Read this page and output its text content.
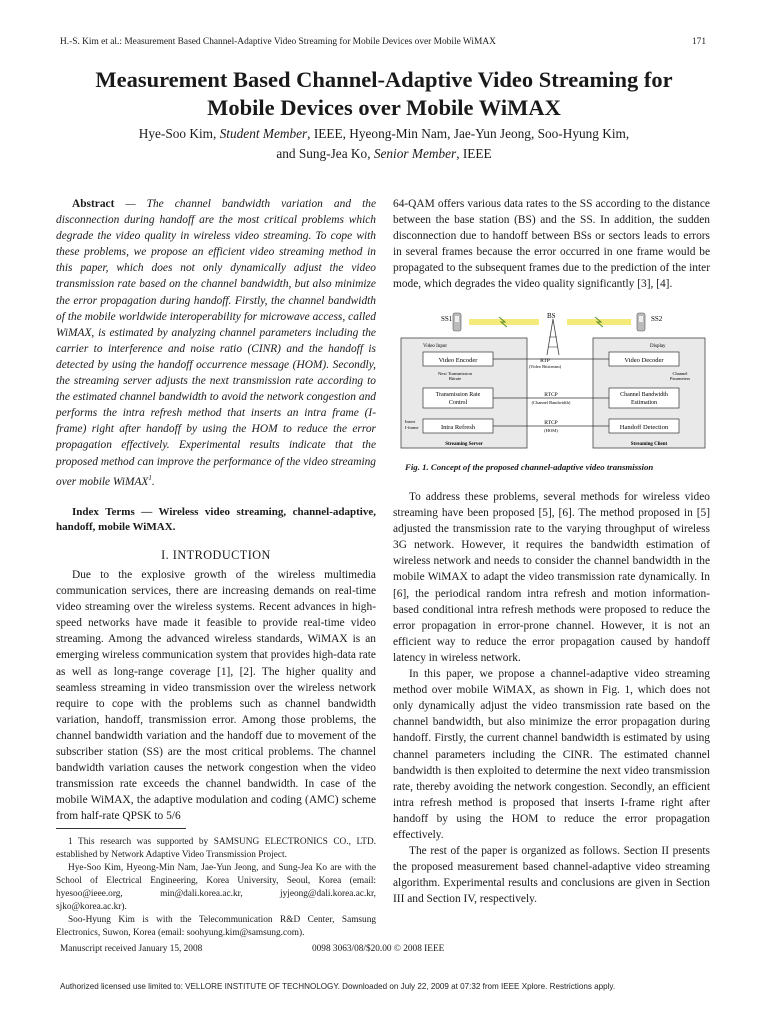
H.-S. Kim et al.: Measurement Based Channel-Adaptive Video Streaming for Mobile Devices over Mobile WiMAX	171
Measurement Based Channel-Adaptive Video Streaming for
Mobile Devices over Mobile WiMAX
Hye-Soo Kim, Student Member, IEEE, Hyeong-Min Nam, Jae-Yun Jeong, Soo-Hyung Kim,
and Sung-Jea Ko, Senior Member, IEEE

Abstract — The channel bandwidth variation and the disconnection during handoff are the most critical problems which degrade the video quality in wireless video streaming. To cope with these problems, we propose an efficient video streaming method in this paper, which does not only dynamically adjust the video transmission rate based on the channel bandwidth, but also minimize the error propagation during handoff. Firstly, the channel bandwidth of the mobile worldwide interoperability for microwave access, called WiMAX, is estimated by analyzing channel parameters including the carrier to interference and noise ratio (CINR) and the handoff is detected by using the handoff occurrence message (HOM). Secondly, the streaming server adjusts the next transmission rate according to the estimated channel bandwidth to avoid the network congestion and performs the intra refresh method that inserts an intra frame (I-frame) right after handoff by using the HOM to reduce the error propagation effectively. Experimental results indicate that the proposed method can improve the performance of the video streaming over mobile WiMAX$^1$.

Index Terms — Wireless video streaming, channel-adaptive, handoff, mobile WiMAX.

I. INTRODUCTION

Due to the explosive growth of the wireless multimedia communication services, there are increasing demands on real-time video streaming over the wireless systems. Recent advances in high-speed networks have made it feasible to provide real-time video streaming. Among the advanced wireless standards, WiMAX is an emerging wireless communication system that provides high-data rate as well as long-range coverage [1], [2]. The higher quality and seamless streaming in video transmission over the wireless network require to cope with the problems such as channel bandwidth variation, handoff, transmission error. Among those problems, the channel bandwidth variation and the handoff due to movement of the subscriber station (SS) are the most critical problems. The channel bandwidth variation causes the network congestion when the video transmission rate exceeds the channel bandwidth. In case of the mobile WiMAX, the adaptive modulation and coding (AMC) scheme from half-rate QPSK to 5/6

1 This research was supported by SAMSUNG ELECTRONICS CO., LTD. established by Network Adaptive Video Transmission Project.

Hye-Soo Kim, Hyeong-Min Nam, Jae-Yun Jeong, and Sung-Jea Ko are with the School of Electrical Engineering, Korea University, Seoul, Korea (email: hyesoo@ieee.org, min@dali.korea.ac.kr, jyjeong@dali.korea.ac.kr, sjko@korea.ac.kr).

Soo-Hyung Kim is with the Telecommunication R&D Center, Samsung Electronics, Suwon, Korea (email: soohyung.kim@samsung.com).

Manuscript received January 15, 2008	0098 3063/08/$20.00 © 2008 IEEE
Authorized licensed use limited to: VELLORE INSTITUTE OF TECHNOLOGY. Downloaded on July 22, 2009 at 07:32 from IEEE Xplore. Restrictions apply.

64-QAM offers various data rates to the SS according to the distance between the base station (BS) and the SS. In addition, the sudden disconnection due to handoff between BSs or sectors leads to errors in several frames because the error occurred in one frame would be propagated to the subsequent frames due to the prediction of the inter mode, which degrades the video quality significantly [3], [4].

SS1	SS2
BS
Video Input	Display
Video Encoder	Video Decoder
RTP
(Video Bitstream)
Next Transmission
Bitrate
Channel
Parameters
Transmission Rate
Control
Channel Bandwidth
Estimation
RTCP
(Channel Bandwidth)
Insert
I-frame	Intra Refresh	Handoff Detection
RTCP
(HOM)
Streaming Server	Streaming Client
Fig. 1. Concept of the proposed channel-adaptive video transmission

To address these problems, several methods for wireless video streaming have been proposed [5], [6]. The method proposed in [5] adjusted the transmission rate to the varying throughput of wireless 3G network. However, it requires the bandwidth estimation of wireless network and needs to consider the channel bandwidth in the mobile WiMAX to adapt the video transmission rate dynamically. In [6], the periodical random intra refresh and motion information-based conditional intra refresh methods were proposed to reduce the error propagation in error-prone channel. However, it is not an efficient way to reduce the error propagation caused by handoff latency in wireless network.

In this paper, we propose a channel-adaptive video streaming method over mobile WiMAX, as shown in Fig. 1, which does not only dynamically adjust the video transmission rate based on the channel bandwidth, but also minimize the error propagation during handoff. Firstly, the current channel bandwidth is estimated by using channel parameters including the CINR. The estimated channel bandwidth is then exploited to determine the next video transmission rate, thereby avoiding the network congestion. Secondly, an efficient intra refresh method is proposed that inserts I-frame right after handoff by using the HOM to reduce the error propagation effectively.

The rest of the paper is organized as follows. Section II presents the proposed measurement based channel-adaptive video streaming algorithm. Experimental results and conclusions are given in Section III and Section IV, respectively.
